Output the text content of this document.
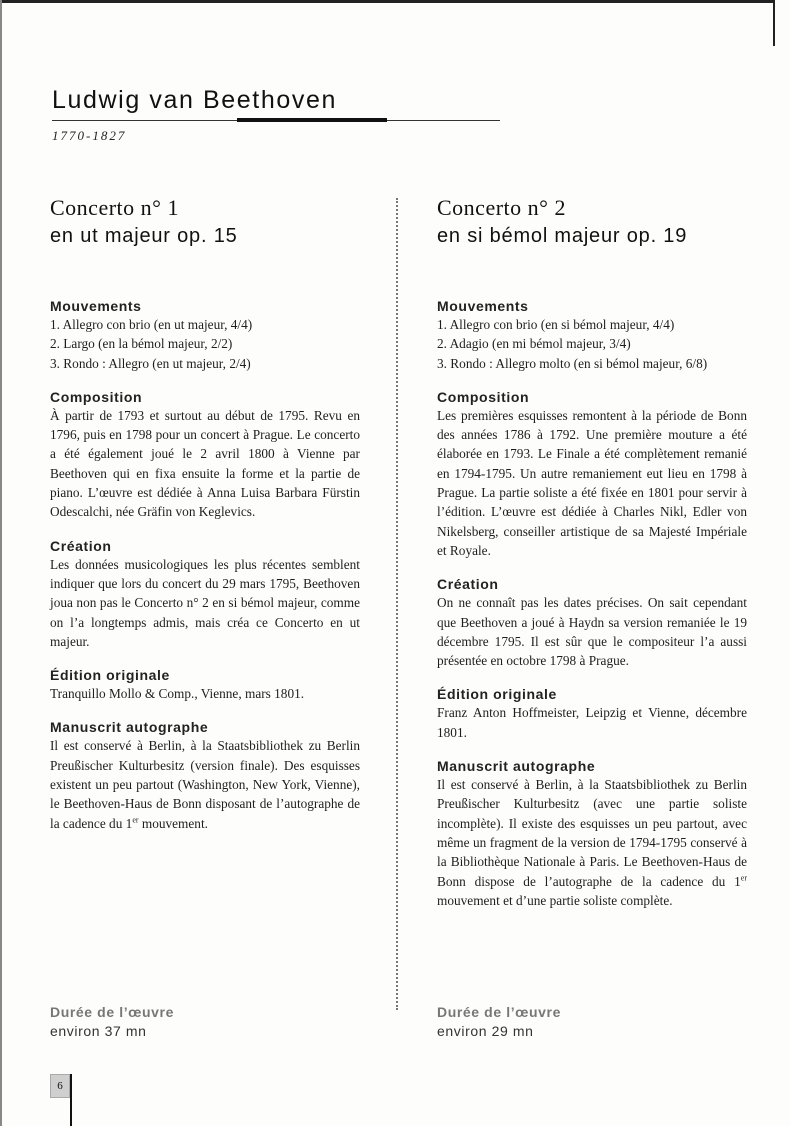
Ludwig van Beethoven
1770-1827
Concerto n° 1
en ut majeur op. 15
Mouvements
1. Allegro con brio (en ut majeur, 4/4)
2. Largo (en la bémol majeur, 2/2)
3. Rondo : Allegro (en ut majeur, 2/4)
Composition

À partir de 1793 et surtout au début de 1795. Revu en 1796, puis en 1798 pour un concert à Prague. Le concerto a été également joué le 2 avril 1800 à Vienne par Beethoven qui en fixa ensuite la forme et la partie de piano. L’œuvre est dédiée à Anna Luisa Barbara Fürstin Odescalchi, née Gräfin von Keglevics.

Création

Les données musicologiques les plus récentes semblent indiquer que lors du concert du 29 mars 1795, Beethoven joua non pas le Concerto n° 2 en si bémol majeur, comme on l’a longtemps admis, mais créa ce Concerto en ut majeur.

Édition originale

Tranquillo Mollo & Comp., Vienne, mars 1801.

Manuscrit autographe

Il est conservé à Berlin, à la Staatsbibliothek zu Berlin Preußischer Kulturbesitz (version finale). Des esquisses existent un peu partout (Washington, New York, Vienne), le Beethoven-Haus de Bonn disposant de l’autographe de la cadence du 1er mouvement.

Concerto n° 2
en si bémol majeur op. 19
Mouvements
1. Allegro con brio (en si bémol majeur, 4/4)
2. Adagio (en mi bémol majeur, 3/4)
3. Rondo : Allegro molto (en si bémol majeur, 6/8)
Composition

Les premières esquisses remontent à la période de Bonn des années 1786 à 1792. Une première mouture a été élaborée en 1793. Le Finale a été complètement remanié en 1794-1795. Un autre remaniement eut lieu en 1798 à Prague. La partie soliste a été fixée en 1801 pour servir à l’édition. L’œuvre est dédiée à Charles Nikl, Edler von Nikelsberg, conseiller artistique de sa Majesté Impériale et Royale.

Création

On ne connaît pas les dates précises. On sait cependant que Beethoven a joué à Haydn sa version remaniée le 19 décembre 1795. Il est sûr que le compositeur l’a aussi présentée en octobre 1798 à Prague.

Édition originale

Franz Anton Hoffmeister, Leipzig et Vienne, décembre 1801.

Manuscrit autographe

Il est conservé à Berlin, à la Staatsbibliothek zu Berlin Preußischer Kulturbesitz (avec une partie soliste incomplète). Il existe des esquisses un peu partout, avec même un fragment de la version de 1794-1795 conservé à la Bibliothèque Nationale à Paris. Le Beethoven-Haus de Bonn dispose de l’autographe de la cadence du 1er mouvement et d’une partie soliste complète.

Durée de l’œuvre
environ 37 mn
Durée de l’œuvre
environ 29 mn
6
